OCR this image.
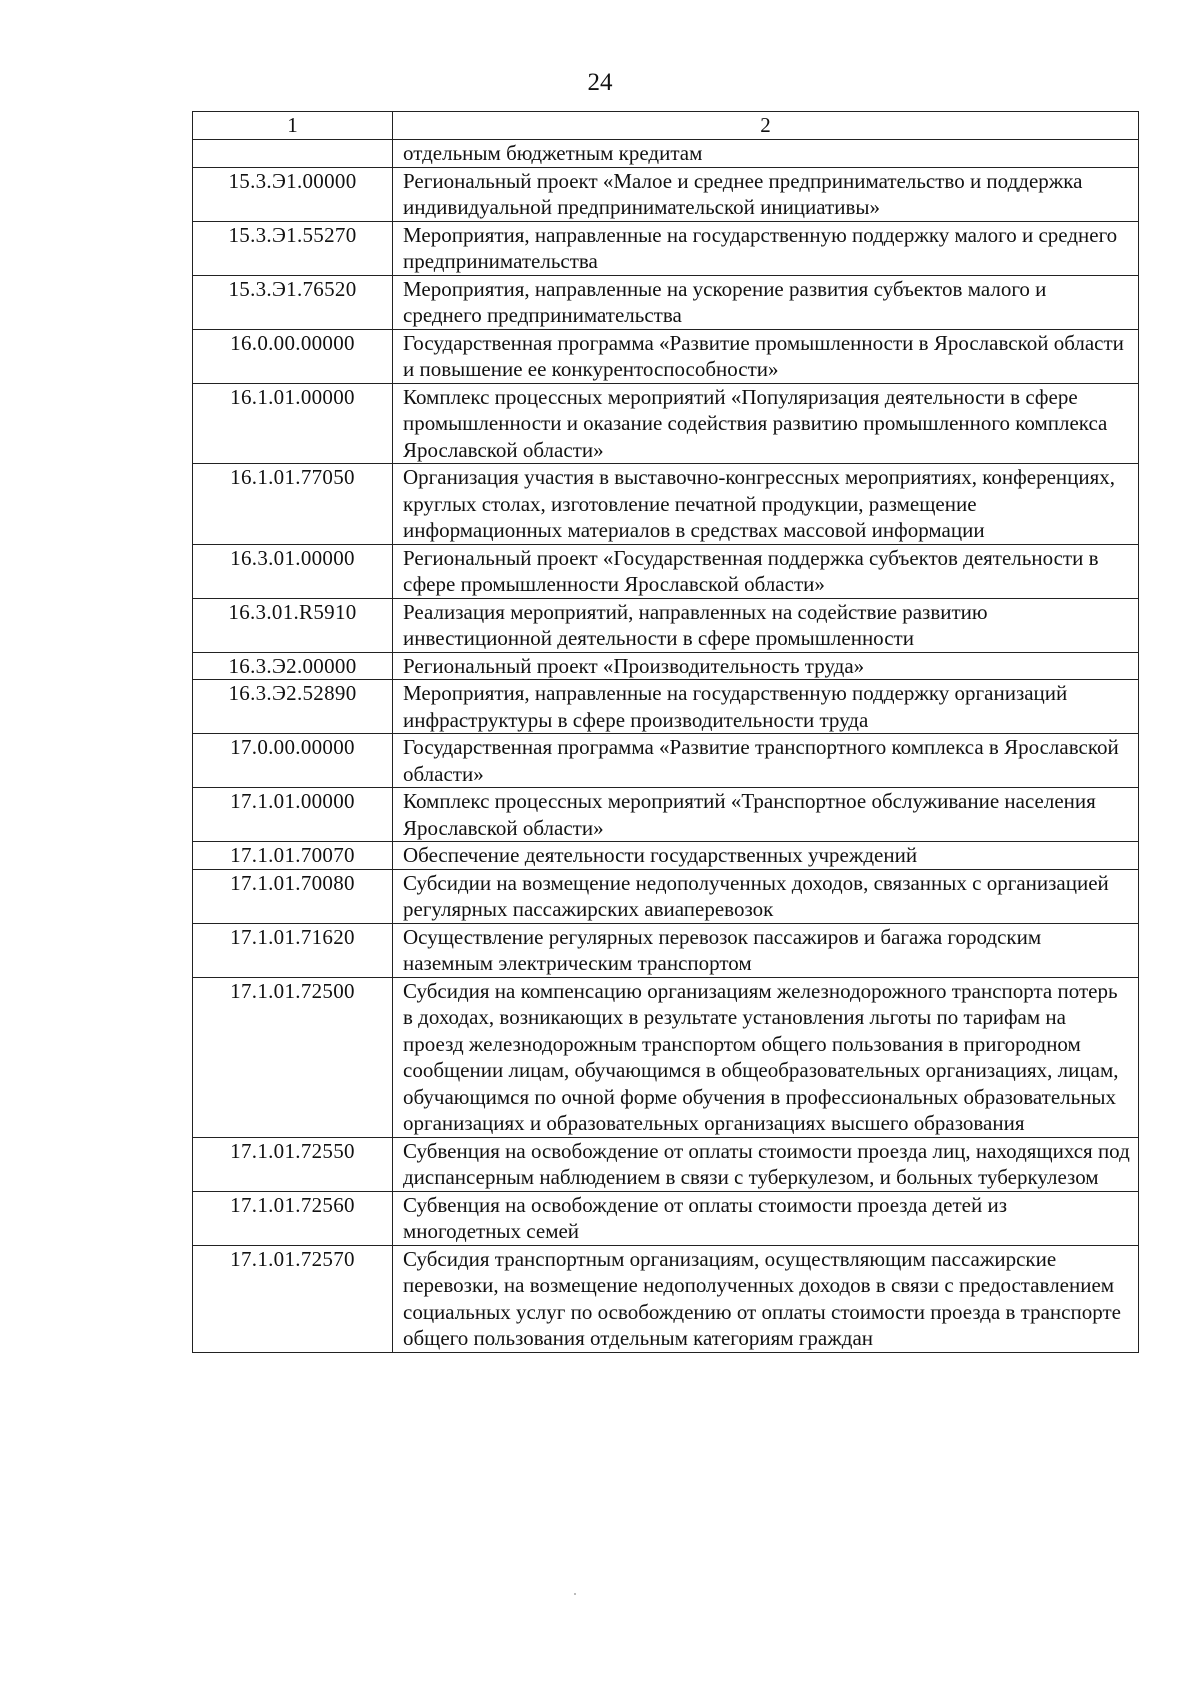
24
1	2
	отдельным бюджетным кредитам
15.3.Э1.00000	Региональный проект «Малое и среднее предпринимательство и поддержка индивидуальной предпринимательской инициативы»
15.3.Э1.55270	Мероприятия, направленные на государственную поддержку малого и среднего предпринимательства
15.3.Э1.76520	Мероприятия, направленные на ускорение развития субъектов малого и среднего предпринимательства
16.0.00.00000	Государственная программа «Развитие промышленности в Ярославской области и повышение ее конкурентоспособности»
16.1.01.00000	Комплекс процессных мероприятий «Популяризация деятельности в сфере промышленности и оказание содействия развитию промышленного комплекса Ярославской области»
16.1.01.77050	Организация участия в выставочно-конгрессных мероприятиях, конференциях, круглых столах, изготовление печатной продукции, размещение информационных материалов в средствах массовой информации
16.3.01.00000	Региональный проект «Государственная поддержка субъектов деятельности в сфере промышленности Ярославской области»
16.3.01.R5910	Реализация мероприятий, направленных на содействие развитию инвестиционной деятельности в сфере промышленности
16.3.Э2.00000	Региональный проект «Производительность труда»
16.3.Э2.52890	Мероприятия, направленные на государственную поддержку организаций инфраструктуры в сфере производительности труда
17.0.00.00000	Государственная программа «Развитие транспортного комплекса в Ярославской области»
17.1.01.00000	Комплекс процессных мероприятий «Транспортное обслуживание населения Ярославской области»
17.1.01.70070	Обеспечение деятельности государственных учреждений
17.1.01.70080	Субсидии на возмещение недополученных доходов, связанных с организацией регулярных пассажирских авиаперевозок
17.1.01.71620	Осуществление регулярных перевозок пассажиров и багажа городским наземным электрическим транспортом
17.1.01.72500	Субсидия на компенсацию организациям железнодорожного транспорта потерь в доходах, возникающих в результате установления льготы по тарифам на проезд железнодорожным транспортом общего пользования в пригородном сообщении лицам, обучающимся в общеобразовательных организациях, лицам, обучающимся по очной форме обучения в профессиональных образовательных организациях и образовательных организациях высшего образования
17.1.01.72550	Субвенция на освобождение от оплаты стоимости проезда лиц, находящихся под диспансерным наблюдением в связи с туберкулезом, и больных туберкулезом
17.1.01.72560	Субвенция на освобождение от оплаты стоимости проезда детей из многодетных семей
17.1.01.72570	Субсидия транспортным организациям, осуществляющим пассажирские перевозки, на возмещение недополученных доходов в связи с предоставлением социальных услуг по освобождению от оплаты стоимости проезда в транспорте общего пользования отдельным категориям граждан
